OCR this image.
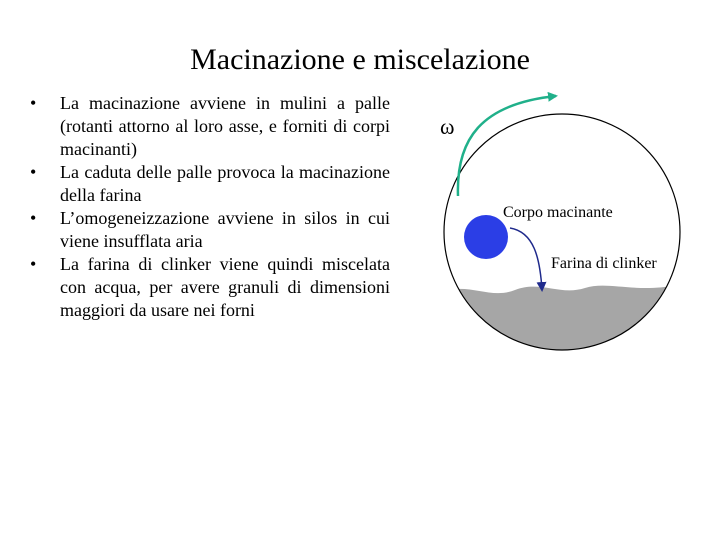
Macinazione e miscelazione
• La macinazione avviene in mulini a palle (rotanti attorno al loro asse, e forniti di corpi macinanti)
• La caduta delle palle provoca la macinazione della farina
• L’omogeneizzazione avviene in silos in cui viene insufflata aria
• La farina di clinker viene quindi miscelata con acqua, per avere granuli di dimensioni maggiori da usare nei forni
ω
Corpo macinante
Farina di clinker
